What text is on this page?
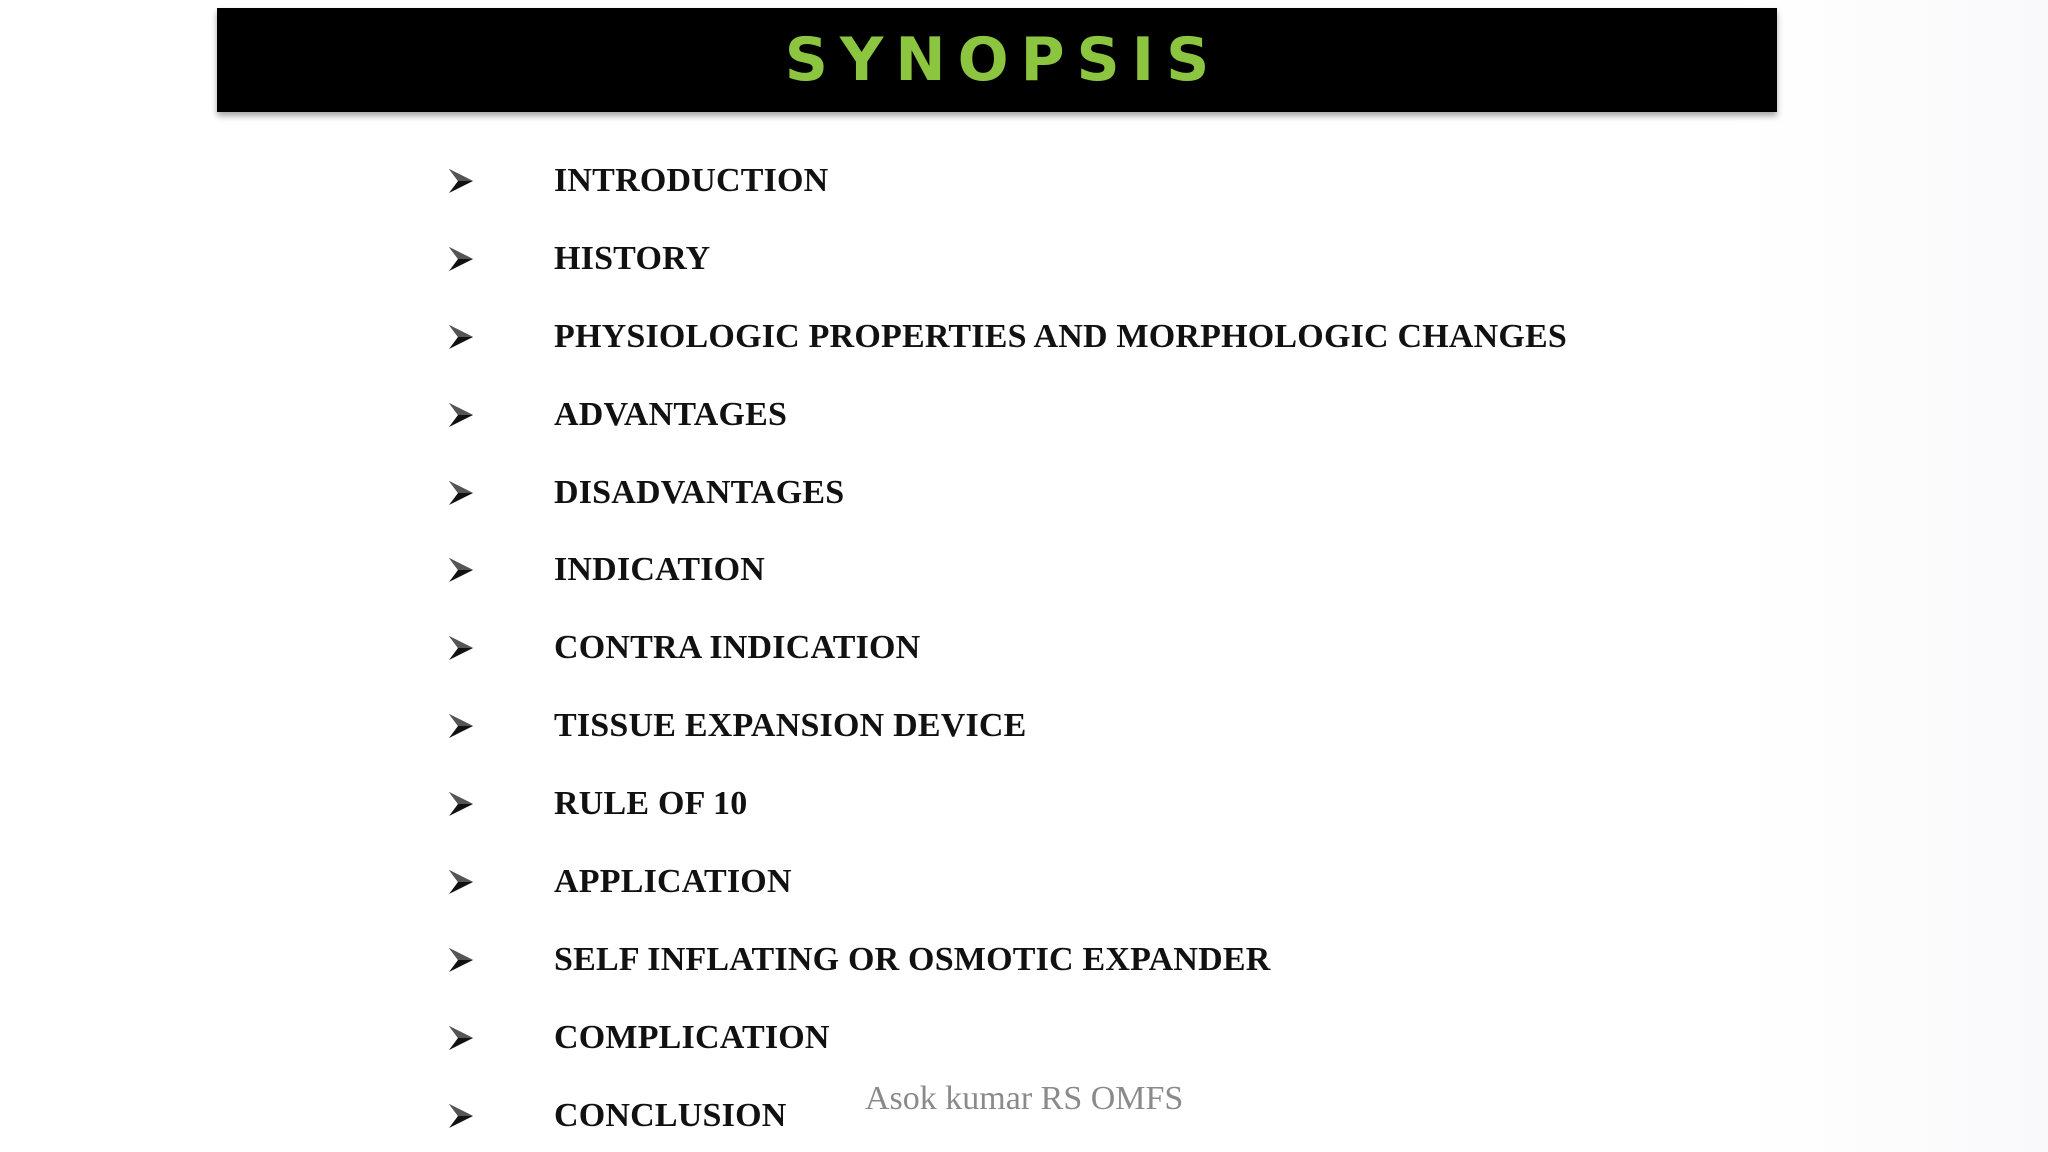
SYNOPSIS
INTRODUCTION
HISTORY
PHYSIOLOGIC PROPERTIES AND MORPHOLOGIC CHANGES
ADVANTAGES
DISADVANTAGES
INDICATION
CONTRA INDICATION
TISSUE EXPANSION DEVICE
RULE OF 10
APPLICATION
SELF INFLATING OR OSMOTIC EXPANDER
COMPLICATION
CONCLUSION Asok kumar RS OMFS
